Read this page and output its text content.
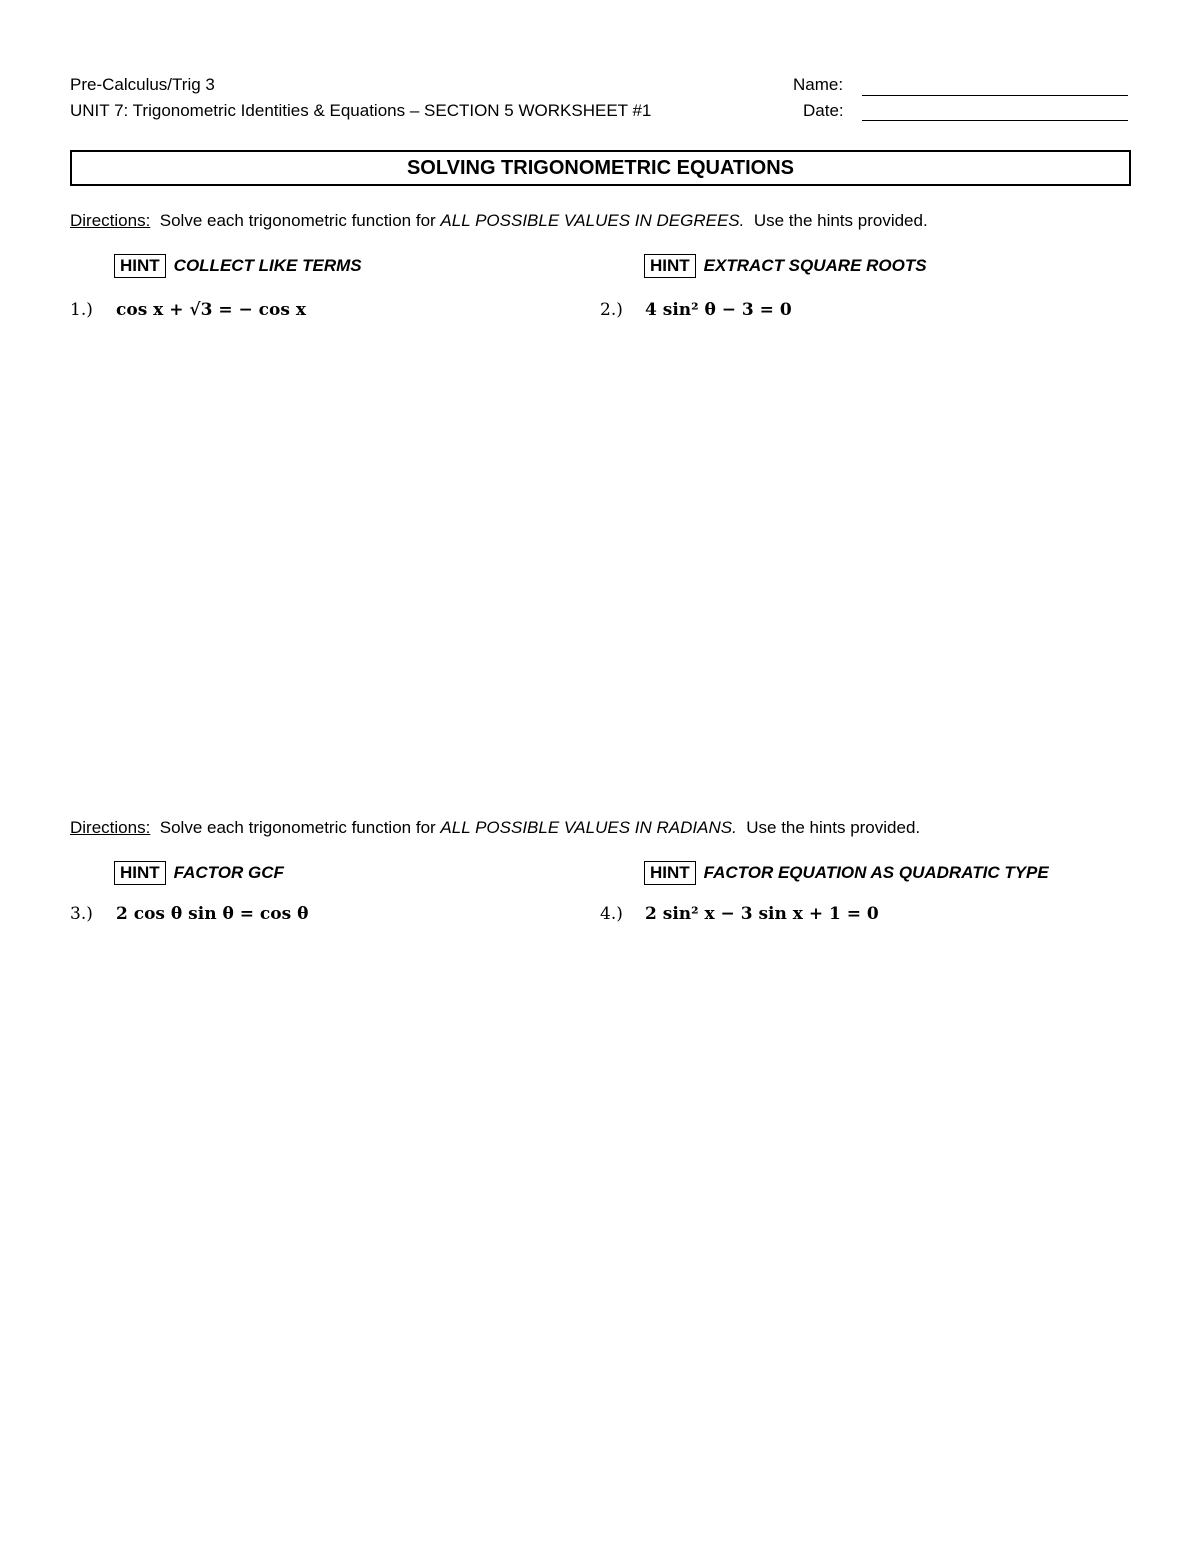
Pre-Calculus/Trig 3
UNIT 7: Trigonometric Identities & Equations – SECTION 5 WORKSHEET #1
Name:
Date:
SOLVING TRIGONOMETRIC EQUATIONS
Directions: Solve each trigonometric function for ALL POSSIBLE VALUES IN DEGREES. Use the hints provided.
HINT COLLECT LIKE TERMS
1.) cos x + √3 = − cos x
HINT EXTRACT SQUARE ROOTS
2.) 4 sin² θ − 3 = 0
Directions: Solve each trigonometric function for ALL POSSIBLE VALUES IN RADIANS. Use the hints provided.
HINT FACTOR GCF
3.) 2 cos θ sin θ = cos θ
HINT FACTOR EQUATION AS QUADRATIC TYPE
4.) 2 sin² x − 3 sin x + 1 = 0
